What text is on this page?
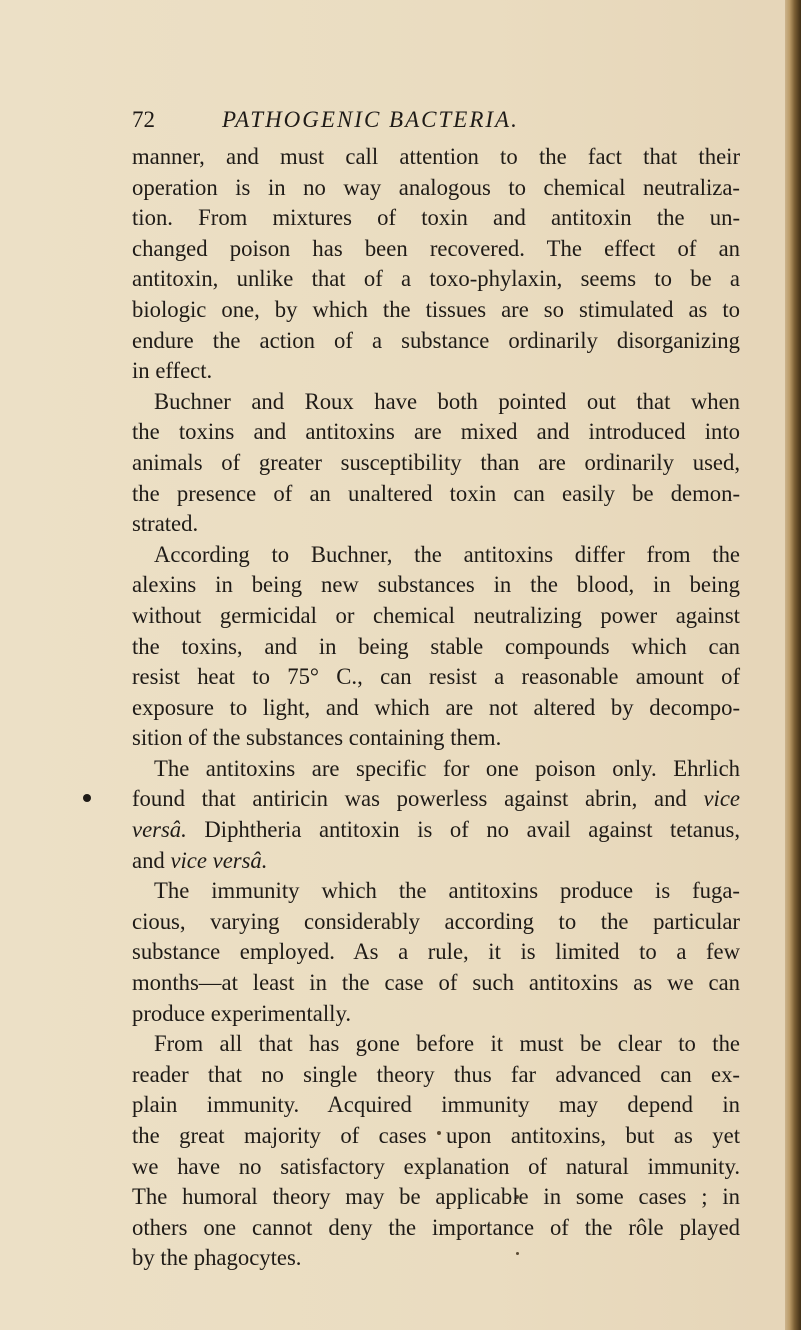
72	PATHOGENIC BACTERIA.

manner, and must call attention to the fact that their

operation is in no way analogous to chemical neutraliza-

tion. From mixtures of toxin and antitoxin the un-

changed poison has been recovered. The effect of an

antitoxin, unlike that of a toxo-phylaxin, seems to be a

biologic one, by which the tissues are so stimulated as to

endure the action of a substance ordinarily disorganizing

in effect.

Buchner and Roux have both pointed out that when

the toxins and antitoxins are mixed and introduced into

animals of greater susceptibility than are ordinarily used,

the presence of an unaltered toxin can easily be demon-

strated.

According to Buchner, the antitoxins differ from the

alexins in being new substances in the blood, in being

without germicidal or chemical neutralizing power against

the toxins, and in being stable compounds which can

resist heat to 75° C., can resist a reasonable amount of

exposure to light, and which are not altered by decompo-

sition of the substances containing them.

The antitoxins are specific for one poison only. Ehrlich

found that antiricin was powerless against abrin, and vice

versâ. Diphtheria antitoxin is of no avail against tetanus,

and vice versâ.

The immunity which the antitoxins produce is fuga-

cious, varying considerably according to the particular

substance employed. As a rule, it is limited to a few

months—at least in the case of such antitoxins as we can

produce experimentally.

From all that has gone before it must be clear to the

reader that no single theory thus far advanced can ex-

plain immunity. Acquired immunity may depend in

the great majority of cases upon antitoxins, but as yet

we have no satisfactory explanation of natural immunity.

The humoral theory may be applicable in some cases ; in

others one cannot deny the importance of the rôle played

by the phagocytes.
